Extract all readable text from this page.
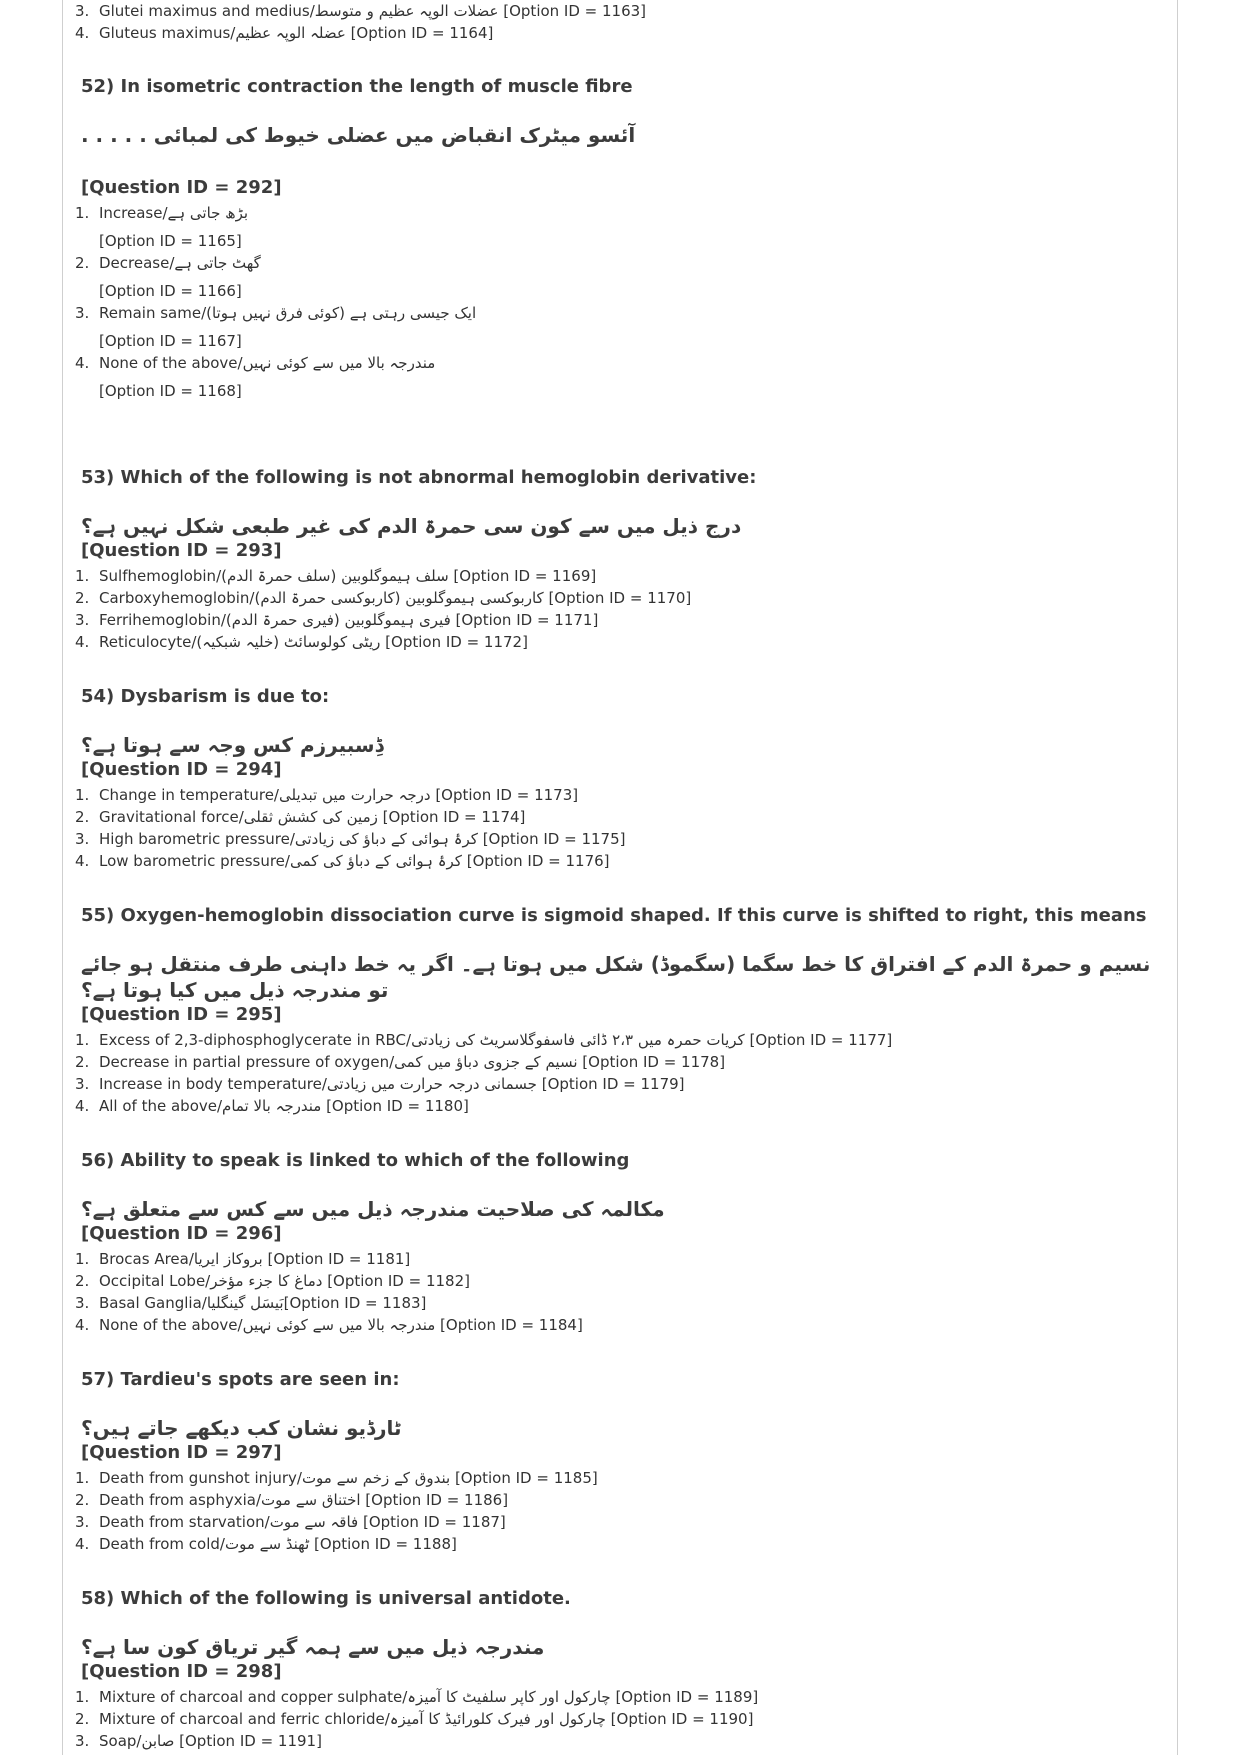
3. Glutei maximus and medius/عضلات الوپہ عظیم و متوسط [Option ID = 1163]
4. Gluteus maximus/عضلہ الوپہ عظیم [Option ID = 1164]
52) In isometric contraction the length of muscle fibre
آئسو میٹرک انقباض میں عضلی خیوط کی لمبائی . . . . .
[Question ID = 292]
1. Increase/بڑھ جاتی ہے
[Option ID = 1165]
2. Decrease/گھٹ جاتی ہے
[Option ID = 1166]
3. Remain same/ایک جیسی رہتی ہے (کوئی فرق نہیں ہوتا)
[Option ID = 1167]
4. None of the above/مندرجہ بالا میں سے کوئی نہیں
[Option ID = 1168]
53) Which of the following is not abnormal hemoglobin derivative:
درج ذیل میں سے کون سی حمرۃ الدم کی غیر طبعی شکل نہیں ہے؟
[Question ID = 293]
1. Sulfhemoglobin/سلف ہیموگلوبین (سلف حمرۃ الدم) [Option ID = 1169]
2. Carboxyhemoglobin/کاربوکسی ہیموگلوبین (کاربوکسی حمرۃ الدم) [Option ID = 1170]
3. Ferrihemoglobin/فیری ہیموگلوبین (فیری حمرۃ الدم) [Option ID = 1171]
4. Reticulocyte/ریٹی کولوسائٹ (خلیہ شبکیہ) [Option ID = 1172]
54) Dysbarism is due to:
ڈِسبیرزم کس وجہ سے ہوتا ہے؟
[Question ID = 294]
1. Change in temperature/درجہ حرارت میں تبدیلی [Option ID = 1173]
2. Gravitational force/زمین کی کشش ثقلی [Option ID = 1174]
3. High barometric pressure/کرۂ ہوائی کے دباؤ کی زیادتی [Option ID = 1175]
4. Low barometric pressure/کرۂ ہوائی کے دباؤ کی کمی [Option ID = 1176]
55) Oxygen-hemoglobin dissociation curve is sigmoid shaped. If this curve is shifted to right, this means
نسیم و حمرۃ الدم کے افتراق کا خط سگما (سگموڈ) شکل میں ہوتا ہے۔ اگر یہ خط داہنی طرف منتقل ہو جائے تو مندرجہ ذیل میں کیا ہوتا ہے؟
[Question ID = 295]
1. Excess of 2,3-diphosphoglycerate in RBC/کریات حمرہ میں ۲،۳ ڈائی فاسفوگلاسریٹ کی زیادتی [Option ID = 1177]
2. Decrease in partial pressure of oxygen/نسیم کے جزوی دباؤ میں کمی [Option ID = 1178]
3. Increase in body temperature/جسمانی درجہ حرارت میں زیادتی [Option ID = 1179]
4. All of the above/مندرجہ بالا تمام [Option ID = 1180]
56) Ability to speak is linked to which of the following
مکالمہ کی صلاحیت مندرجہ ذیل میں سے کس سے متعلق ہے؟
[Question ID = 296]
1. Brocas Area/بروکاز ایریا [Option ID = 1181]
2. Occipital Lobe/دماغ کا جزء مؤخر [Option ID = 1182]
3. Basal Ganglia/بَیسَل گینگلیا[Option ID = 1183]
4. None of the above/مندرجہ بالا میں سے کوئی نہیں [Option ID = 1184]
57) Tardieu's spots are seen in:
ٹارڈیو نشان کب دیکھے جاتے ہیں؟
[Question ID = 297]
1. Death from gunshot injury/بندوق کے زخم سے موت [Option ID = 1185]
2. Death from asphyxia/اختناق سے موت [Option ID = 1186]
3. Death from starvation/فاقہ سے موت [Option ID = 1187]
4. Death from cold/ٹھنڈ سے موت [Option ID = 1188]
58) Which of the following is universal antidote.
مندرجہ ذیل میں سے ہمہ گیر تریاق کون سا ہے؟
[Question ID = 298]
1. Mixture of charcoal and copper sulphate/چارکول اور کاپر سلفیٹ کا آمیزہ [Option ID = 1189]
2. Mixture of charcoal and ferric chloride/چارکول اور فیرک کلورائیڈ کا آمیزہ [Option ID = 1190]
3. Soap/صابن [Option ID = 1191]
